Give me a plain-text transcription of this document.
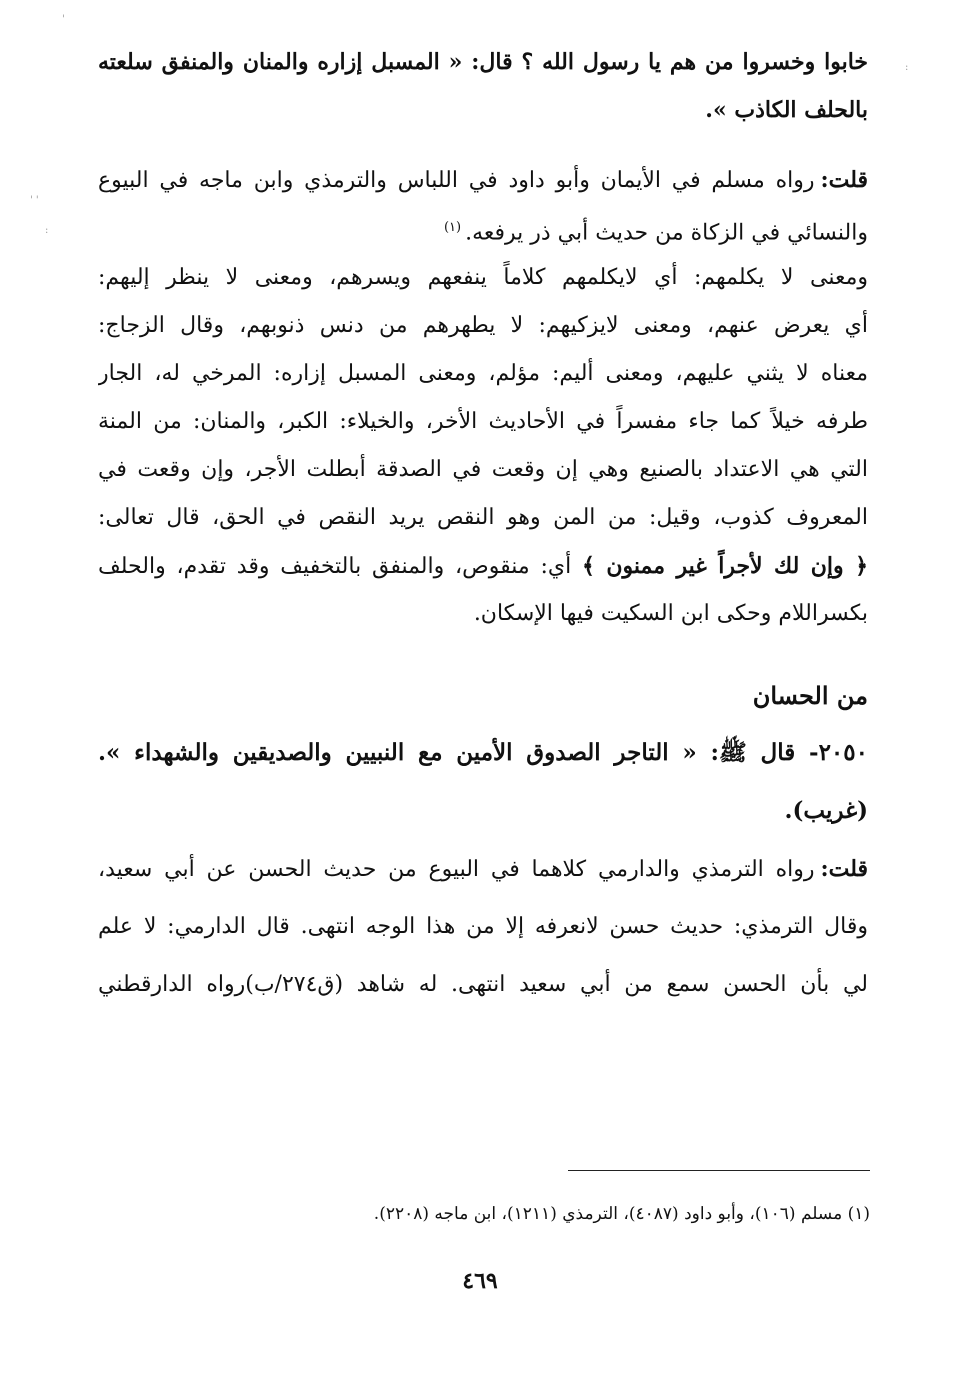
'
:
' '
:
خابوا وخسروا من هم يا رسول الله ؟ قال: « المسبل إزاره والمنان والمنفق سلعته
بالحلف الكاذب ».
قلت:رواه مسلم في الأيمان وأبو داود في اللباس والترمذي وابن ماجه في البيوع
والنسائي في الزكاة من حديث أبي ذر يرفعه.$^{(١)}$
ومعنى لا يكلمهم: أي لايكلمهم كلاماً ينفعهم ويسرهم، ومعنى لا ينظر إليهم:
أي يعرض عنهم، ومعنى لايزكيهم: لا يطهرهم من دنس ذنوبهم، وقال الزجاج:
معناه لا يثني عليهم، ومعنى أليم: مؤلم، ومعنى المسبل إزاره: المرخي له، الجار
طرفه خيلاً كما جاء مفسراً في الأحاديث الأخر، والخيلاء: الكبر، والمنان: من المنة
التي هي الاعتداد بالصنيع وهي إن وقعت في الصدقة أبطلت الأجر، وإن وقعت في
المعروف كذوب، وقيل: من المن وهو النقص يريد النقص في الحق، قال تعالى:
﴿ وإن لك لأجراً غير ممنون ﴾ أي: منقوص، والمنفق بالتخفيف وقد تقدم، والحلف
بكسراللام وحكى ابن السكيت فيها الإسكان.
من الحسان
٢٠٥٠- قال ﷺ: « التاجر الصدوق الأمين مع النبيين والصديقين والشهداء ».
(غريب).
قلت:رواه الترمذي والدارمي كلاهما في البيوع من حديث الحسن عن أبي سعيد،
وقال الترمذي: حديث حسن لانعرفه إلا من هذا الوجه انتهى. قال الدارمي: لا علم
لي بأن الحسن سمع من أبي سعيد انتهى. له شاهد (ق٢٧٤/ب)رواه الدارقطني
(١) مسلم (١٠٦)، وأبو داود (٤٠٨٧)، الترمذي (١٢١١)، ابن ماجه (٢٢٠٨).
٤٦٩
